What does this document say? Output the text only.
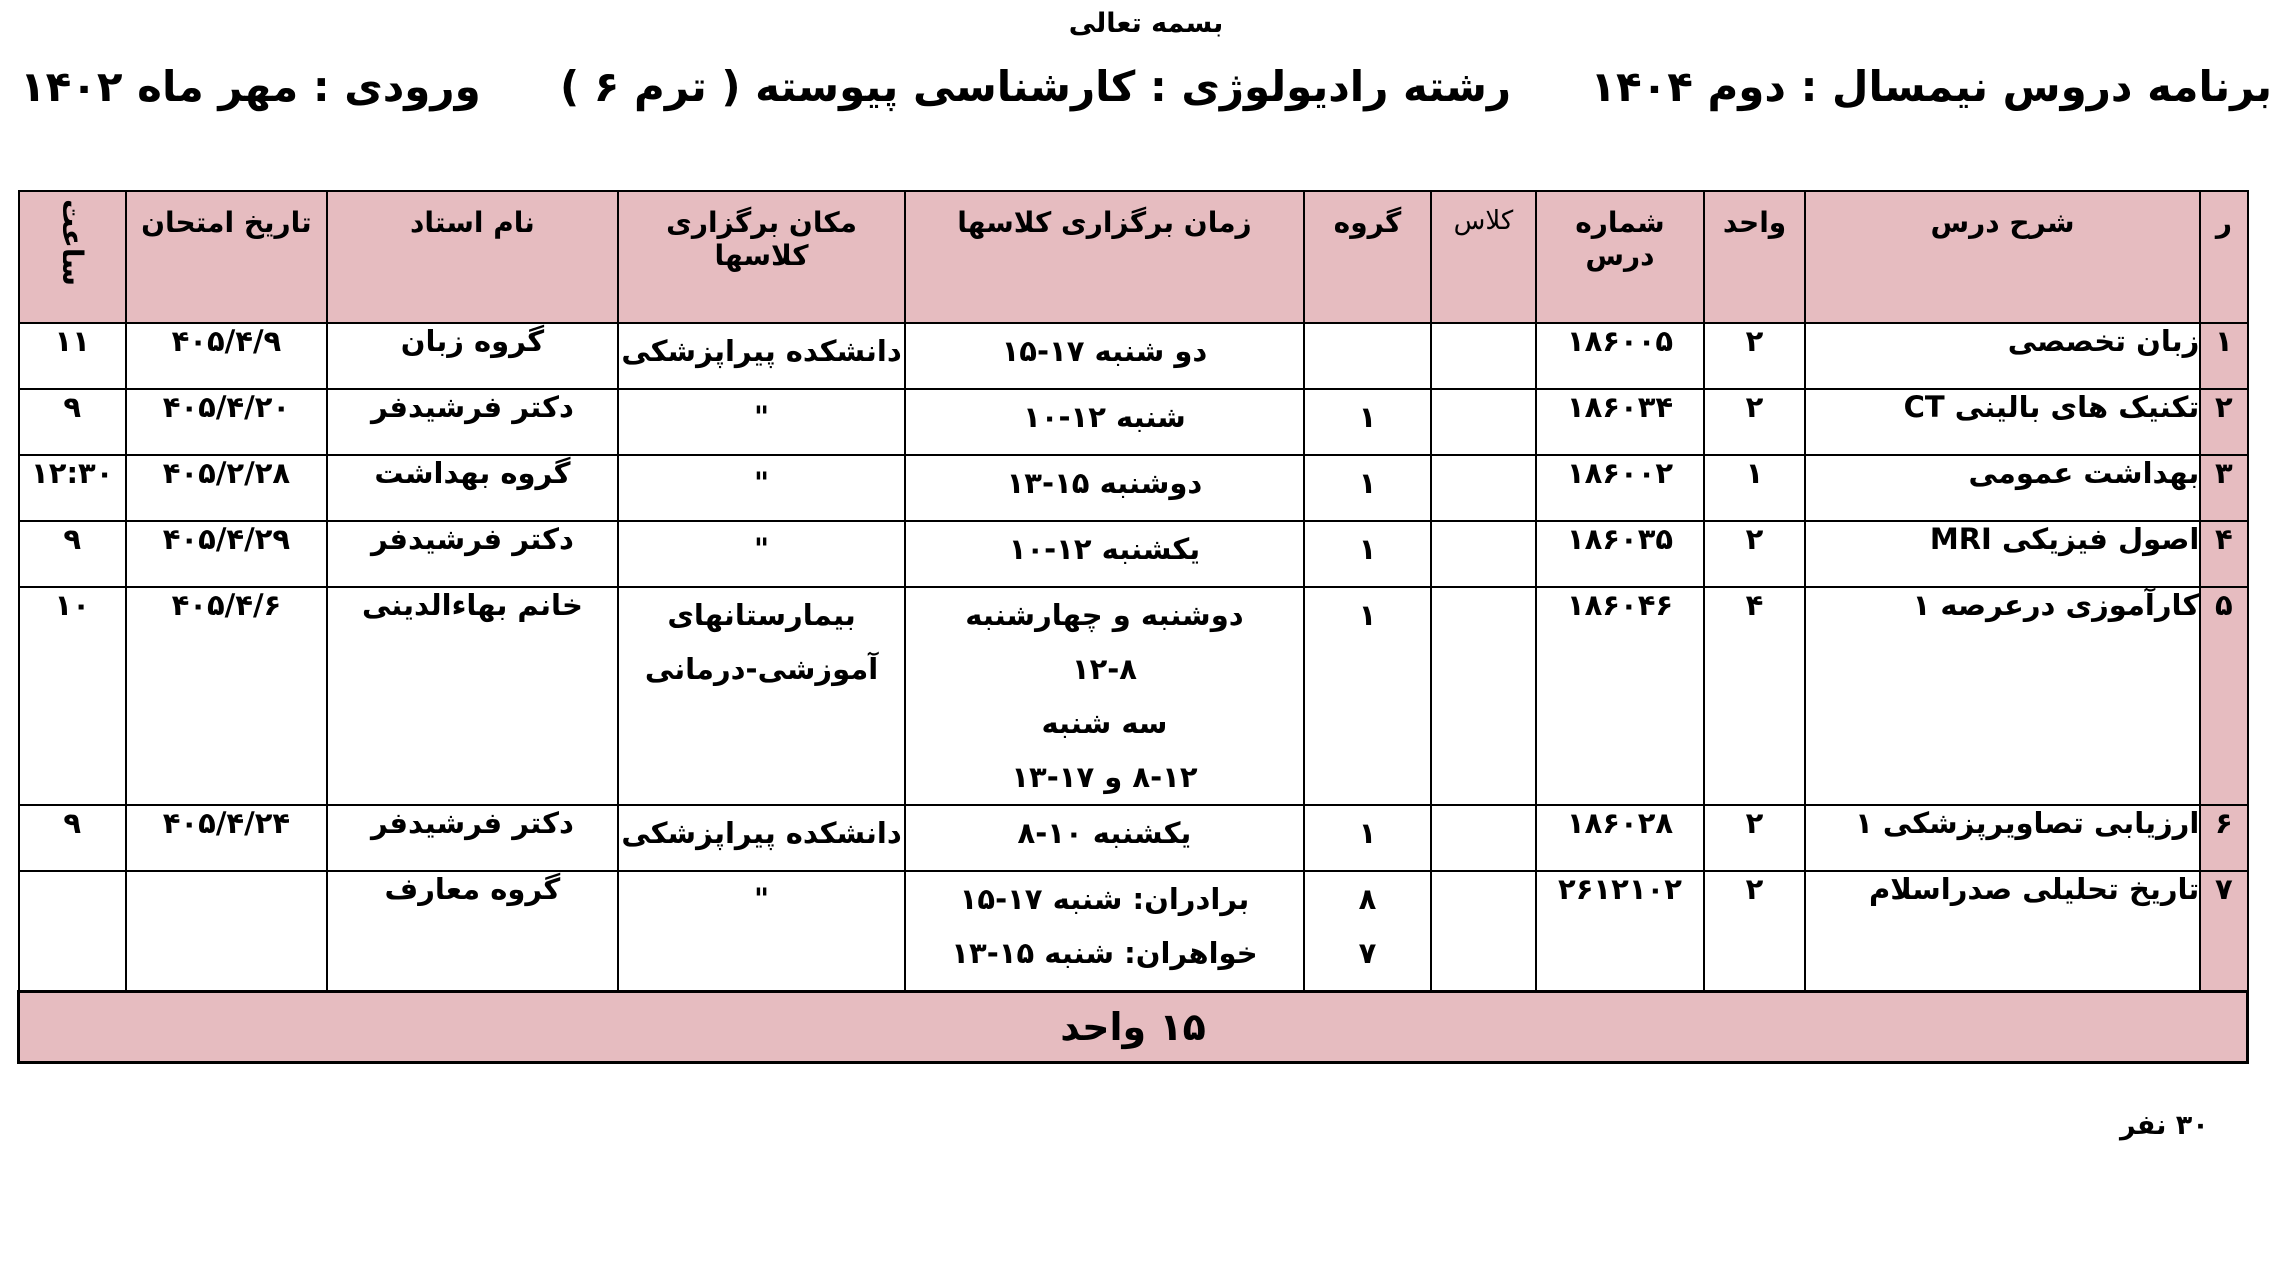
بسمه تعالی
برنامه دروس نیمسال : دوم ۱۴۰۴  رشته رادیولوژی : کارشناسی پیوسته ( ترم ۶ )  ورودی : مهر ماه ۱۴۰۲
ر	شرح درس	واحد	شماره درس	کلاس	گروه	زمان برگزاری کلاسها	مکان برگزاری کلاسها	نام استاد	تاریخ امتحان	ساعت
۱	زبان تخصصی	۲	۱۸۶۰۰۵			دو شنبه ۱۷-۱۵	دانشکده پیراپزشکی	گروه زبان	۴۰۵/۴/۹	۱۱
۲	تکنیک های بالینی CT	۲	۱۸۶۰۳۴		۱	شنبه ۱۲-۱۰	"	دکتر فرشیدفر	۴۰۵/۴/۲۰	۹
۳	بهداشت عمومی	۱	۱۸۶۰۰۲		۱	دوشنبه ۱۵-۱۳	"	گروه بهداشت	۴۰۵/۲/۲۸	۱۲:۳۰
۴	اصول فیزیکی MRI	۲	۱۸۶۰۳۵		۱	یکشنبه ۱۲-۱۰	"	دکتر فرشیدفر	۴۰۵/۴/۲۹	۹
۵	کارآموزی درعرصه ۱	۴	۱۸۶۰۴۶		۱	دوشنبه و چهارشنبه
۱۲-۸
سه شنبه
۸-۱۲ و ۱۷-۱۳	بیمارستانهای
آموزشی-درمانی	خانم بهاءالدینی	۴۰۵/۴/۶	۱۰
۶	ارزیابی تصاویرپزشکی ۱	۲	۱۸۶۰۲۸		۱	یکشنبه ۱۰-۸	دانشکده پیراپزشکی	دکتر فرشیدفر	۴۰۵/۴/۲۴	۹
۷	تاریخ تحلیلی صدراسلام	۲	۲۶۱۲۱۰۲		۸
۷	برادران: شنبه ۱۷-۱۵
خواهران: شنبه ۱۵-۱۳	"	گروه معارف		
۱۵ واحد										
۳۰ نفر
